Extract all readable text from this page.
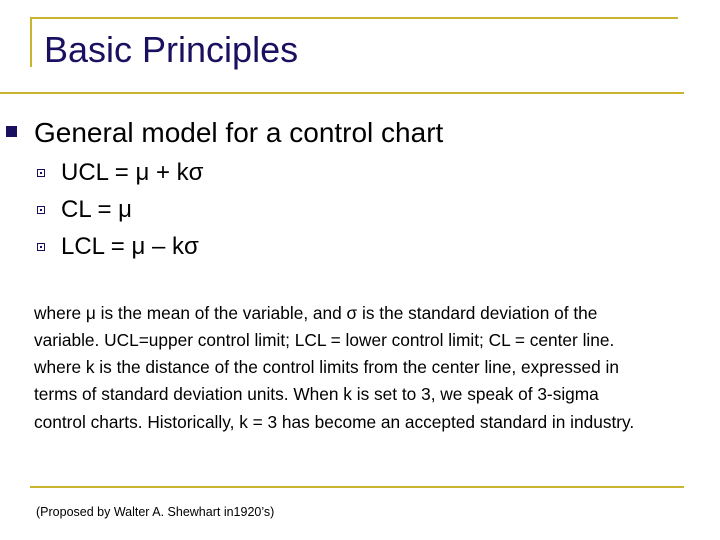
Basic Principles
General model for a control chart
UCL = μ + kσ
CL = μ
LCL = μ – kσ
where μ is the mean of the variable, and σ is the standard deviation of the variable. UCL=upper control limit; LCL = lower control limit; CL = center line. where k is the distance of the control limits from the center line, expressed in terms of standard deviation units. When k is set to 3, we speak of 3-sigma control charts. Historically, k = 3 has become an accepted standard in industry.
(Proposed by Walter A. Shewhart in1920’s)
